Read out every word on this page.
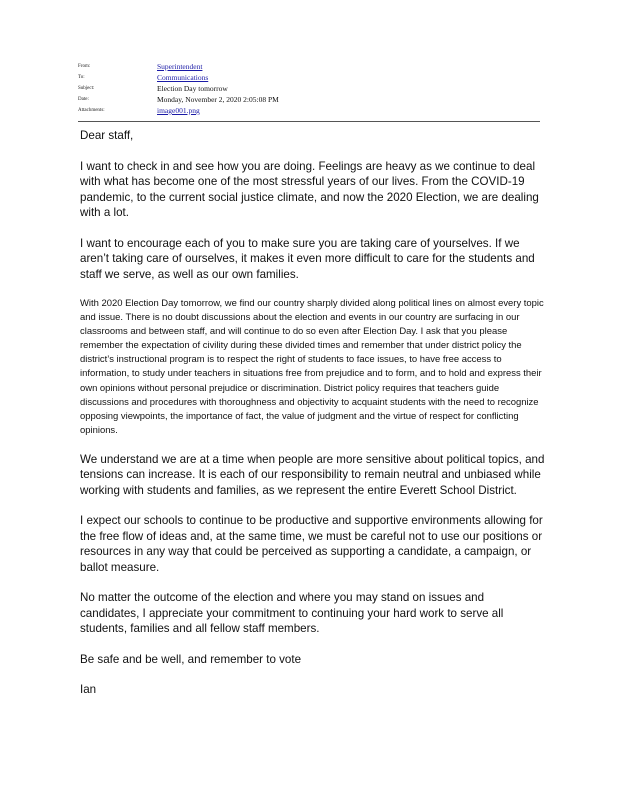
From:	Superintendent
To:	Communications
Subject:	Election Day tomorrow
Date:	Monday, November 2, 2020 2:05:08 PM
Attachments:	image001.png

Dear staff,

I want to check in and see how you are doing. Feelings are heavy as we continue to deal with what has become one of the most stressful years of our lives. From the COVID-19 pandemic, to the current social justice climate, and now the 2020 Election, we are dealing with a lot.

I want to encourage each of you to make sure you are taking care of yourselves. If we aren’t taking care of ourselves, it makes it even more difficult to care for the students and staff we serve, as well as our own families.

With 2020 Election Day tomorrow, we find our country sharply divided along political lines on almost every topic and issue. There is no doubt discussions about the election and events in our country are surfacing in our classrooms and between staff, and will continue to do so even after Election Day. I ask that you please remember the expectation of civility during these divided times and remember that under district policy the district’s instructional program is to respect the right of students to face issues, to have free access to information, to study under teachers in situations free from prejudice and to form, and to hold and express their own opinions without personal prejudice or discrimination. District policy requires that teachers guide discussions and procedures with thoroughness and objectivity to acquaint students with the need to recognize opposing viewpoints, the importance of fact, the value of judgment and the virtue of respect for conflicting opinions.

We understand we are at a time when people are more sensitive about political topics, and tensions can increase. It is each of our responsibility to remain neutral and unbiased while working with students and families, as we represent the entire Everett School District.

I expect our schools to continue to be productive and supportive environments allowing for the free flow of ideas and, at the same time, we must be careful not to use our positions or resources in any way that could be perceived as supporting a candidate, a campaign, or ballot measure.

No matter the outcome of the election and where you may stand on issues and candidates, I appreciate your commitment to continuing your hard work to serve all students, families and all fellow staff members.

Be safe and be well, and remember to vote

Ian
